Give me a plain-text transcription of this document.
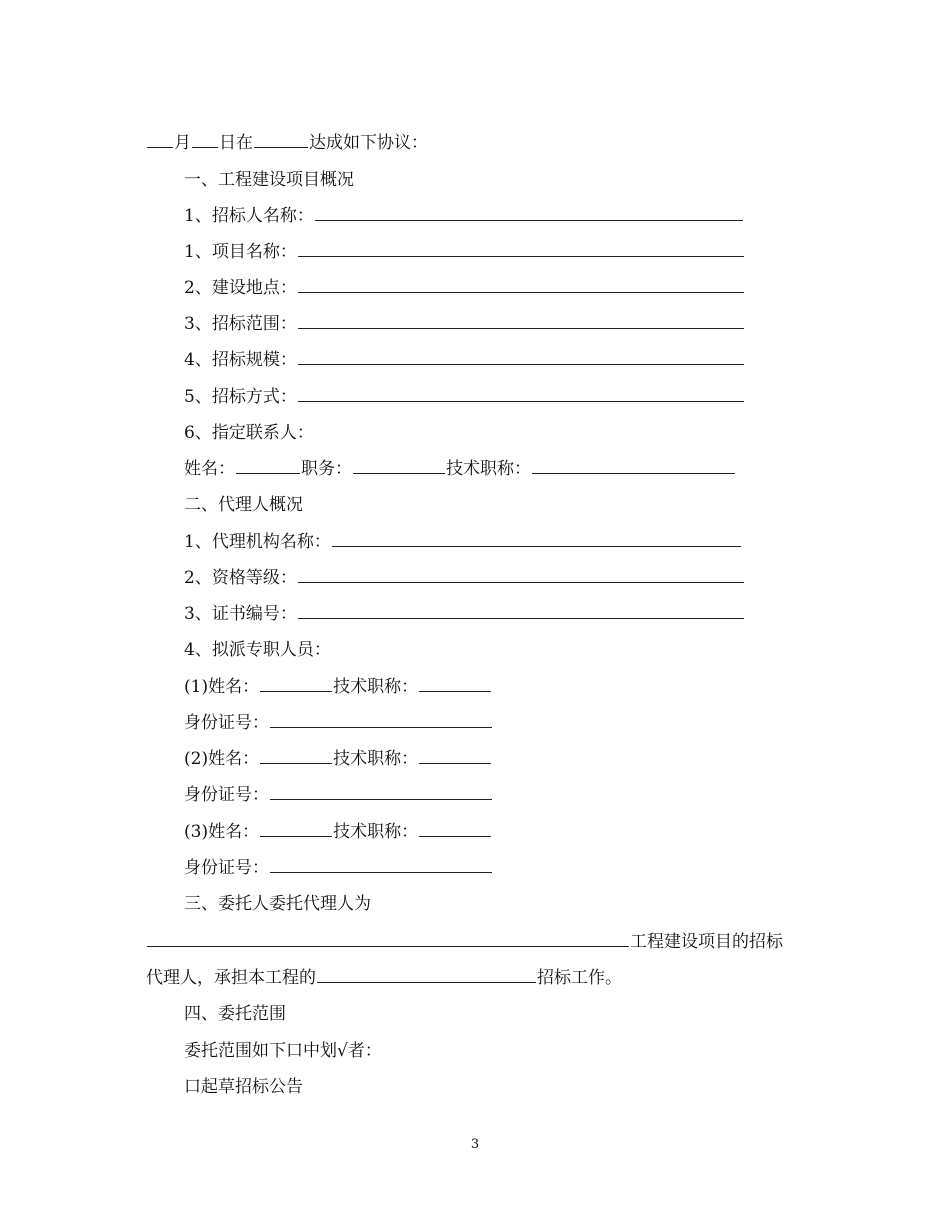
月 日在	达成如下协议：
一、工程建设项目概况
1、招标人名称：
1、项目名称：
2、建设地点：
3、招标范围：
4、招标规模：
5、招标方式：
6、指定联系人：
姓名：	职务：	技术职称：
二、代理人概况
1、代理机构名称：
2、资格等级：
3、证书编号：
4、拟派专职人员：
(1)姓名：	技术职称：
身份证号：
(2)姓名：	技术职称：
身份证号：
(3)姓名：	技术职称：
身份证号：
三、委托人委托代理人为
工程建设项目的招标
代理人，承担本工程的	招标工作。
四、委托范围
委托范围如下口中划√者：
口起草招标公告
3
